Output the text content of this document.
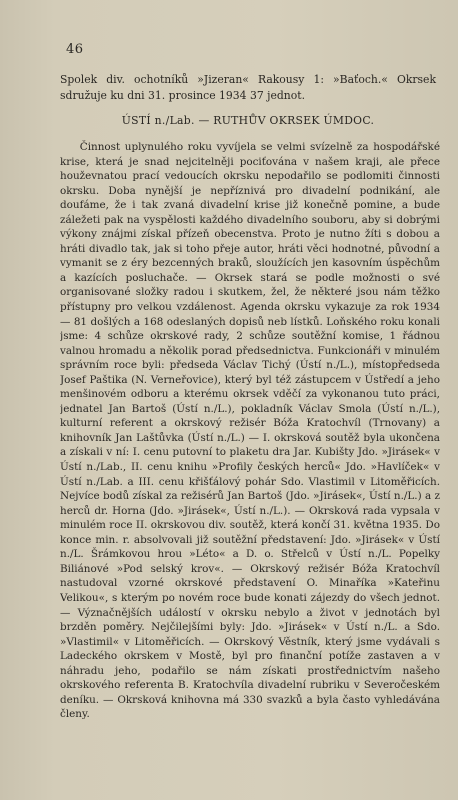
46

Spolek div. ochotníků »Jizeran« Rakousy 1: »Baťoch.« Okrsek sdružuje ku dni 31. prosince 1934 37 jednot.

ÚSTÍ n./Lab. — RUTHŮV OKRSEK ÚMDOC.

Činnost uplynulého roku vyvíjela se velmi svízelně za hospodářské krise, která je snad nejcitelněji pociťována v našem kraji, ale přece houževnatou prací vedoucích okrsku nepodařilo se podlomiti činnosti okrsku. Doba nynější je nepříznivá pro divadelní podnikání, ale doufáme, že i tak zvaná divadelní krise již konečně pomine, a bude záležeti pak na vyspělosti každého divadelního souboru, aby si dobrými výkony znájmi získal přízeň obecenstva. Proto je nutno žíti s dobou a hráti divadlo tak, jak si toho přeje autor, hráti věci hodnotné, původní a vymanit se z éry bezcenných braků, sloužících jen kasovním úspěchům a kazících posluchače. — Okrsek stará se podle možnosti o své organisované složky radou i skutkem, žel, že některé jsou nám těžko přístupny pro velkou vzdálenost. Agenda okrsku vykazuje za rok 1934 — 81 došlých a 168 odeslaných dopisů neb lístků. Loňského roku konali jsme: 4 schůze okrskové rady, 2 schůze soutěžní komise, 1 řádnou valnou hromadu a několik porad předsednictva. Funkcionáři v minulém správním roce byli: předseda Václav Tichý (Ústí n./L.), místopředseda Josef Paštika (N. Verneřovice), který byl též zástupcem v Ústředí a jeho menšinovém odboru a kterému okrsek vděčí za vykonanou tuto práci, jednatel Jan Bartoš (Ústí n./L.), pokladník Václav Smola (Ústí n./L.), kulturní referent a okrskový režisér Bóža Kratochvíl (Trnovany) a knihovník Jan Laštůvka (Ústí n./L.) — I. okrsková soutěž byla ukončena a získali v ní: I. cenu putovní to plaketu dra Jar. Kubišty Jdo. »Jirásek« v Ústí n./Lab., II. cenu knihu »Profily českých herců« Jdo. »Havlíček« v Ústí n./Lab. a III. cenu křišťálový pohár Sdo. Vlastimil v Litoměřicích. Nejvíce bodů získal za režisérů Jan Bartoš (Jdo. »Jirásek«, Ústí n./L.) a z herců dr. Horna (Jdo. »Jirásek«, Ústí n./L.). — Okrsková rada vypsala v minulém roce II. okrskovou div. soutěž, která končí 31. května 1935. Do konce min. r. absolvovali již soutěžní představení: Jdo. »Jirásek« v Ústí n./L. Šrámkovou hrou »Léto« a D. o. Střelců v Ústí n./L. Popelky Biliánové »Pod selský krov«. — Okrskový režisér Bóža Kratochvíl nastudoval vzorné okrskové představení O. Minaříka »Kateřinu Velikou«, s kterým po novém roce bude konati zájezdy do všech jednot. — Význačnějších událostí v okrsku nebylo a život v jednotách byl brzděn poměry. Nejčilejšími byly: Jdo. »Jirásek« v Ústí n./L. a Sdo. »Vlastimil« v Litoměřicích. — Okrskový Věstník, který jsme vydávali s Ladeckého okrskem v Mostě, byl pro finanční potíže zastaven a v náhradu jeho, podařilo se nám získati prostřednictvím našeho okrskového referenta B. Kratochvíla divadelní rubriku v Severočeském deníku. — Okrsková knihovna má 330 svazků a byla často vyhledávána členy.
